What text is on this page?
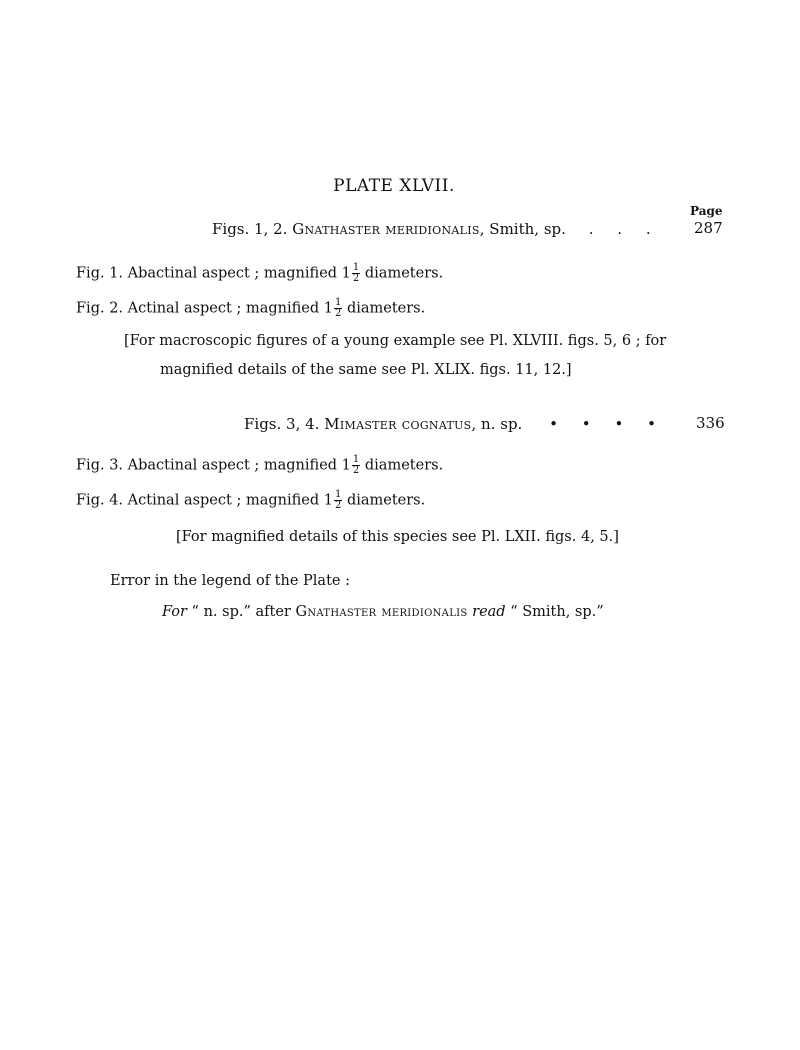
PLATE XLVII.
Page
Figs. 1, 2. Gnathaster meridionalis, Smith, sp. .     .     .	287
Fig. 1. Abactinal aspect ; magnified $1 \frac{1}{2}$ diameters.
Fig. 2. Actinal aspect ; magnified $1 \frac{1}{2}$ diameters.
[For macroscopic figures of a young example see Pl. XLVIII. figs. 5, 6 ; for
magnified details of the same see Pl. XLIX. figs. 11, 12.]
Figs. 3, 4. Mimaster cognatus, n. sp. •     •     •     •	336
Fig. 3. Abactinal aspect ; magnified $1 \frac{1}{2}$ diameters.
Fig. 4. Actinal aspect ; magnified $1 \frac{1}{2}$ diameters.
[For magnified details of this species see Pl. LXII. figs. 4, 5.]
Error in the legend of the Plate :
For “ n. sp.” after Gnathaster meridionalis read “ Smith, sp.”
